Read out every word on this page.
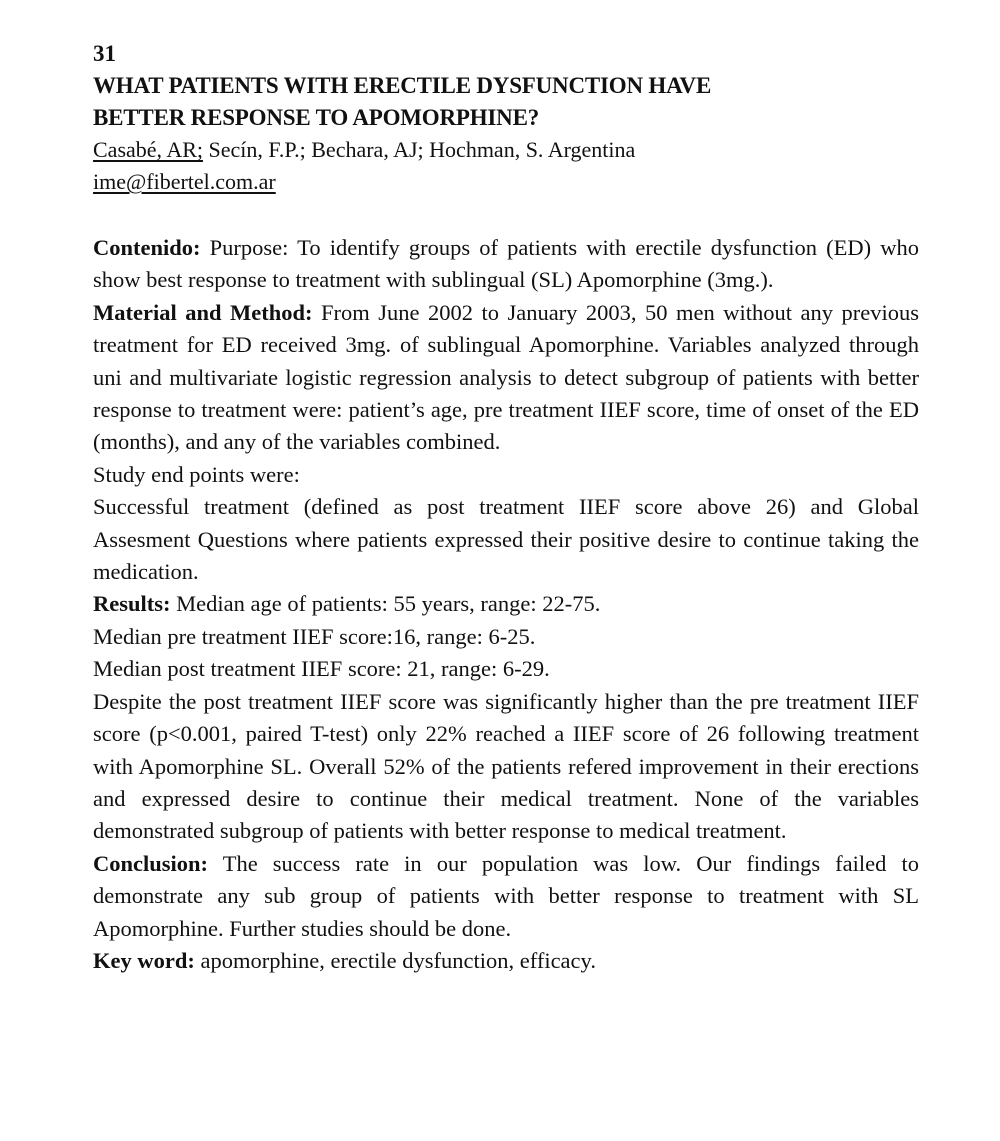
31
WHAT PATIENTS WITH ERECTILE DYSFUNCTION HAVE
BETTER RESPONSE TO APOMORPHINE?
Casabé, AR; Secín, F.P.; Bechara, AJ; Hochman, S. Argentina
ime@fibertel.com.ar

Contenido: Purpose: To identify groups of patients with erectile dysfunction (ED) who show best response to treatment with sublingual (SL) Apomorphine (3mg.).

Material and Method: From June 2002 to January 2003, 50 men without any previous treatment for ED received 3mg. of sublingual Apomorphine. Variables analyzed through uni and multivariate logistic regression analysis to detect subgroup of patients with better response to treatment were: patient’s age, pre treatment IIEF score, time of onset of the ED (months), and any of the variables combined.

Study end points were:

Successful treatment (defined as post treatment IIEF score above 26) and Global Assesment Questions where patients expressed their positive desire to continue taking the medication.

Results: Median age of patients: 55 years, range: 22-75.

Median pre treatment IIEF score:16, range: 6-25.

Median post treatment IIEF score: 21, range: 6-29.

Despite the post treatment IIEF score was significantly higher than the pre treatment IIEF score (p<0.001, paired T-test) only 22% reached a IIEF score of 26 following treatment with Apomorphine SL. Overall 52% of the patients refered improvement in their erections and expressed desire to continue their medical treatment. None of the variables demonstrated subgroup of patients with better response to medical treatment.

Conclusion: The success rate in our population was low. Our findings failed to demonstrate any sub group of patients with better response to treatment with SL Apomorphine. Further studies should be done.

Key word: apomorphine, erectile dysfunction, efficacy.
